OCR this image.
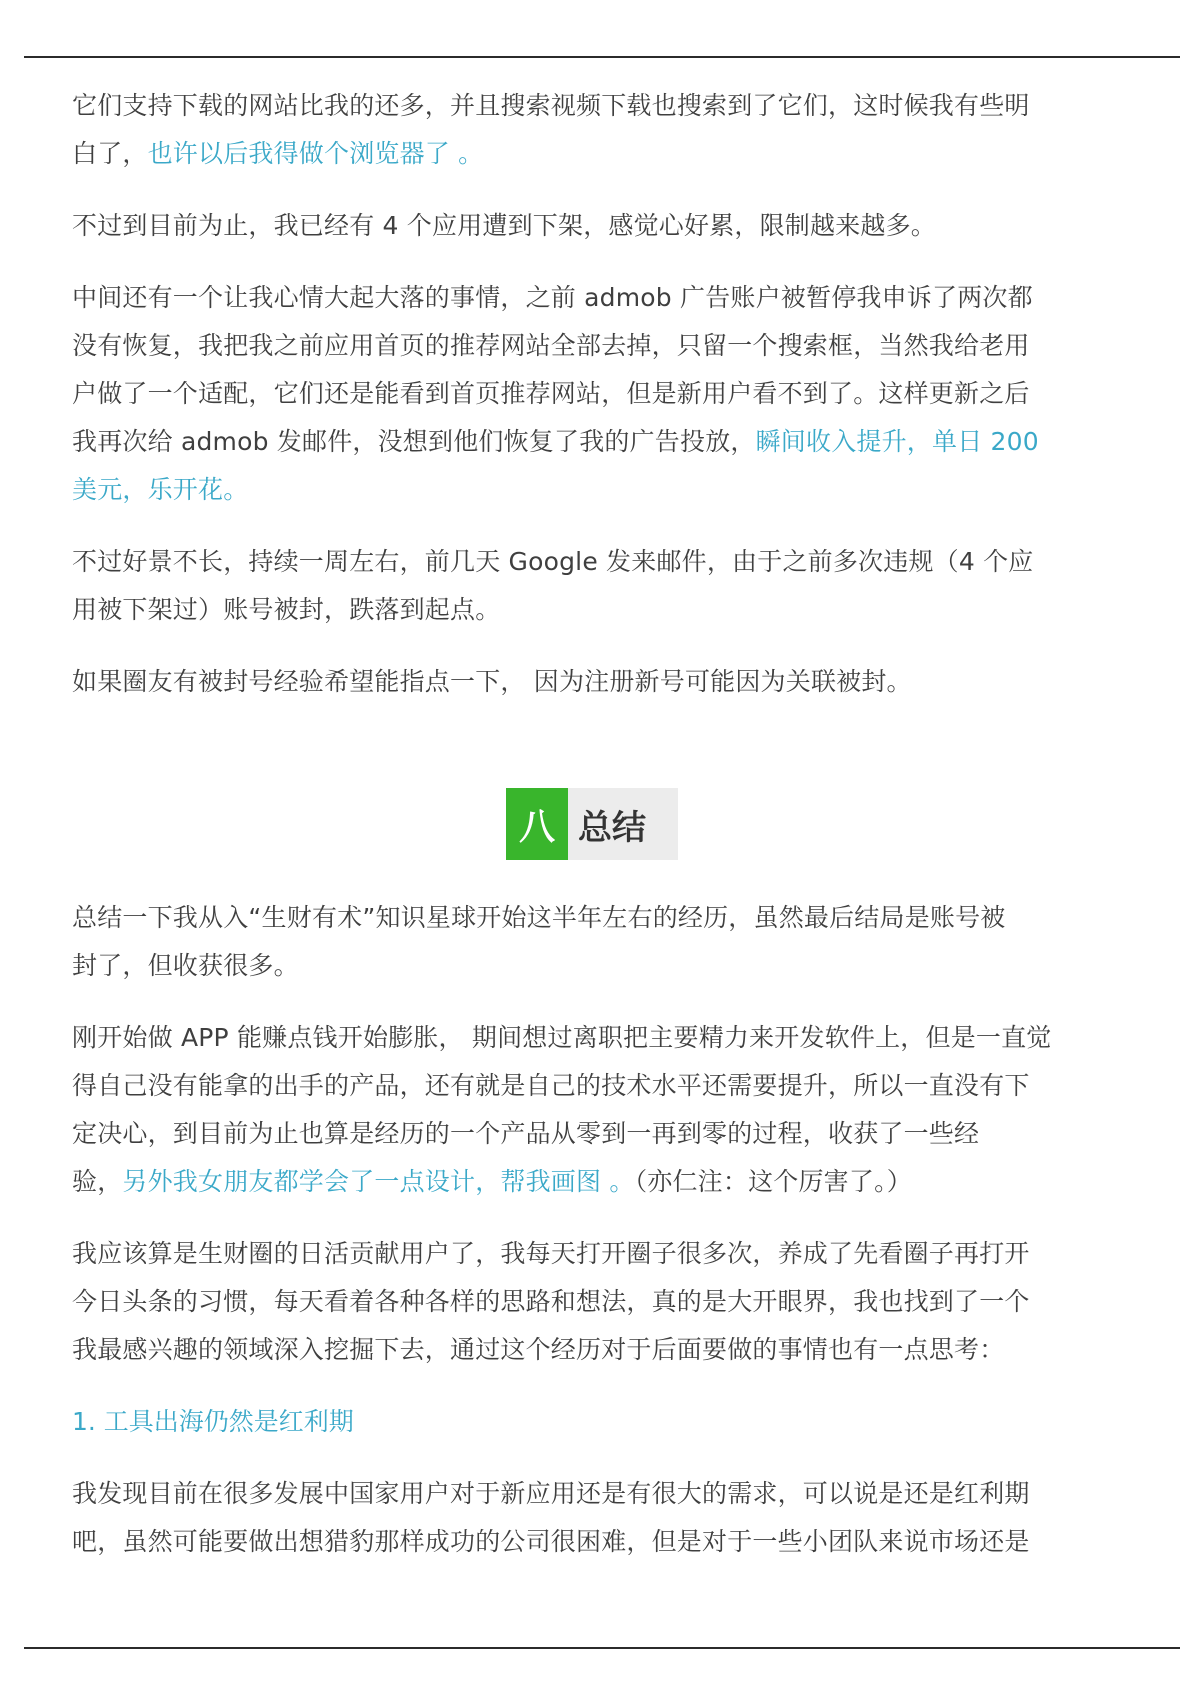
它们支持下载的网站比我的还多，并且搜索视频下载也搜索到了它们，这时候我有些明
白了，也许以后我得做个浏览器了 。

不过到目前为止，我已经有 4 个应用遭到下架，感觉心好累，限制越来越多。

中间还有一个让我心情大起大落的事情，之前 admob 广告账户被暂停我申诉了两次都
没有恢复，我把我之前应用首页的推荐网站全部去掉，只留一个搜索框，当然我给老用
户做了一个适配，它们还是能看到首页推荐网站，但是新用户看不到了。这样更新之后
我再次给 admob 发邮件，没想到他们恢复了我的广告投放，瞬间收入提升，单日 200
美元，乐开花。

不过好景不长，持续一周左右，前几天 Google 发来邮件，由于之前多次违规（4 个应
用被下架过）账号被封，跌落到起点。

如果圈友有被封号经验希望能指点一下， 因为注册新号可能因为关联被封。

八 总结

总结一下我从入“生财有术”知识星球开始这半年左右的经历，虽然最后结局是账号被
封了，但收获很多。

刚开始做 APP 能赚点钱开始膨胀， 期间想过离职把主要精力来开发软件上，但是一直觉
得自己没有能拿的出手的产品，还有就是自己的技术水平还需要提升，所以一直没有下
定决心，到目前为止也算是经历的一个产品从零到一再到零的过程，收获了一些经
验，另外我女朋友都学会了一点设计，帮我画图 。（亦仁注：这个厉害了。）

我应该算是生财圈的日活贡献用户了，我每天打开圈子很多次，养成了先看圈子再打开
今日头条的习惯，每天看着各种各样的思路和想法，真的是大开眼界，我也找到了一个
我最感兴趣的领域深入挖掘下去，通过这个经历对于后面要做的事情也有一点思考：

1. 工具出海仍然是红利期

我发现目前在很多发展中国家用户对于新应用还是有很大的需求，可以说是还是红利期
吧，虽然可能要做出想猎豹那样成功的公司很困难，但是对于一些小团队来说市场还是
